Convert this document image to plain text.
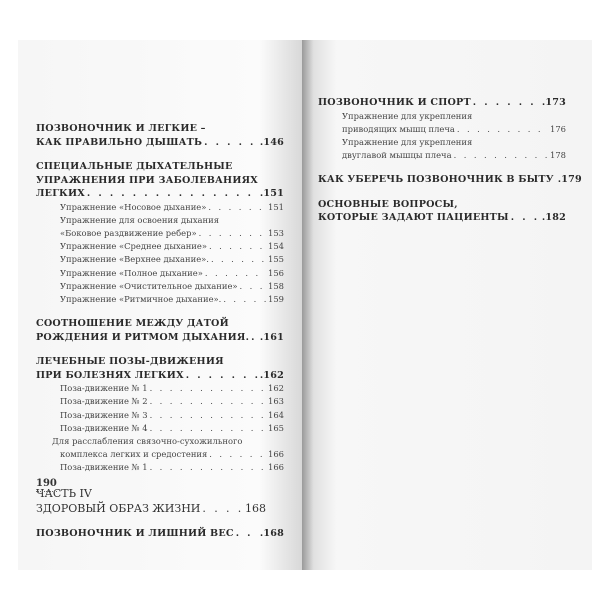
ПОЗВОНОЧНИК И ЛЕГКИЕ –
КАК ПРАВИЛЬНО ДЫШАТЬ . . .	.146
СПЕЦИАЛЬНЫЕ ДЫХАТЕЛЬНЫЕ
УПРАЖНЕНИЯ ПРИ ЗАБОЛЕВАНИЯХ
ЛЕГКИХ . . .	.151
Упражнение «Носовое дыхание» . . .	151
Упражнение для освоения дыхания
«Боковое раздвижение ребер» . . .	153
Упражнение «Среднее дыхание» . . .	154
Упражнение «Верхнее дыхание». . . .	155
Упражнение «Полное дыхание» . . .	156
Упражнение «Очистительное дыхание» . . .	158
Упражнение «Ритмичное дыхание». . . .	159
СООТНОШЕНИЕ МЕЖДУ ДАТОЙ
РОЖДЕНИЯ И РИТМОМ ДЫХАНИЯ. . . . .161
ЛЕЧЕБНЫЕ ПОЗЫ-ДВИЖЕНИЯ
ПРИ БОЛЕЗНЯХ ЛЕГКИХ . . .	.162
Поза-движение № 1 . . .	162
Поза-движение № 2 . . .	163
Поза-движение № 3 . . .	164
Поза-движение № 4 . . .	165
Для расслабления связочно-сухожильного
комплекса легких и средостения . . .	166
Поза-движение № 1 . . .	166
ЧАСТЬ IV
ЗДОРОВЫЙ ОБРАЗ ЖИЗНИ . . .	168
ПОЗВОНОЧНИК И ЛИШНИЙ ВЕС . . .	.168
190
ПОЗВОНОЧНИК И СПОРТ . . .	.173
Упражнение для укрепления
приводящих мышц плеча . . .	176
Упражнение для укрепления
двуглавой мышцы плеча . . .	178
КАК УБЕРЕЧЬ ПОЗВОНОЧНИК В БЫТУ .179
ОСНОВНЫЕ ВОПРОСЫ,
КОТОРЫЕ ЗАДАЮТ ПАЦИЕНТЫ . . .	.182
